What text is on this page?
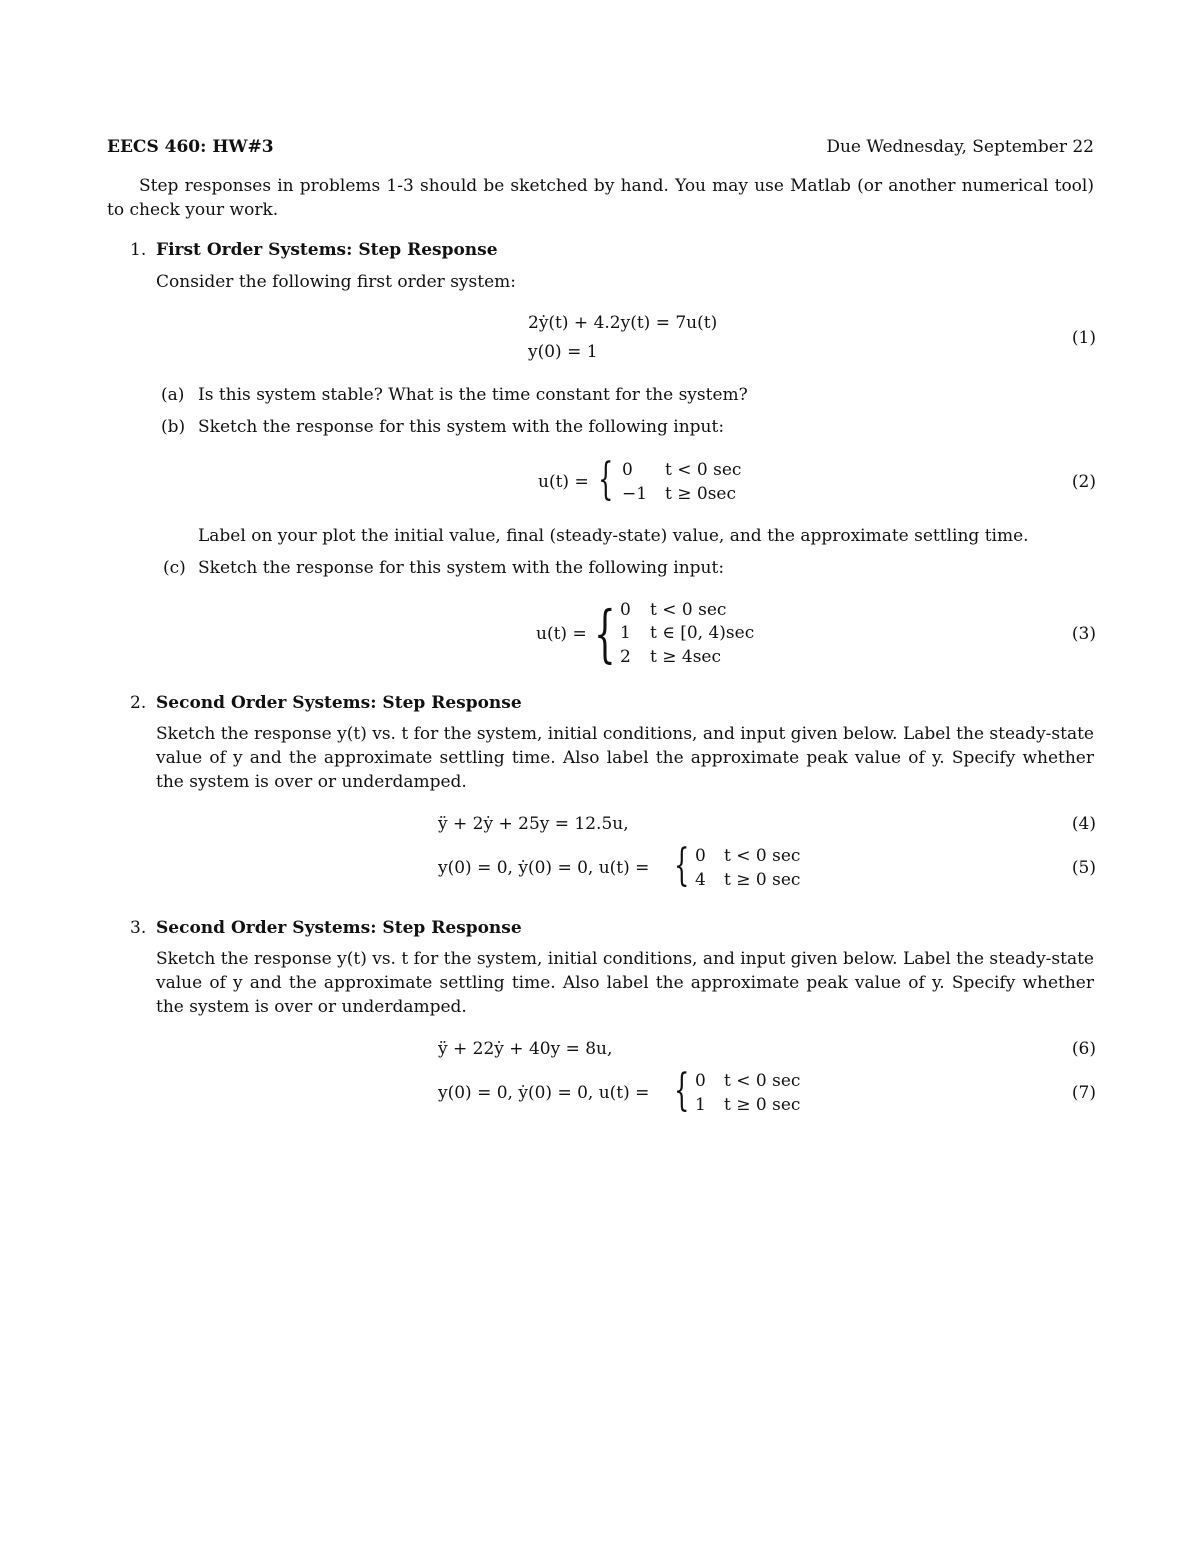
EECS 460: HW#3	Due Wednesday, September 22
Step responses in problems 1-3 should be sketched by hand. You may use Matlab (or another numerical tool) to check your work.
1. First Order Systems: Step Response
Consider the following first order system:
2ẏ(t) + 4.2y(t) = 7u(t)
y(0) = 1
(1)
(a) Is this system stable? What is the time constant for the system?
(b) Sketch the response for this system with the following input:
u(t) = { 0 t < 0 sec
−1 t ≥ 0sec
(2)
Label on your plot the initial value, final (steady-state) value, and the approximate settling time.
(c) Sketch the response for this system with the following input:
u(t) = { 0 t < 0 sec
1 t ∈ [0, 4)sec
2 t ≥ 4sec
(3)
2. Second Order Systems: Step Response
Sketch the response y(t) vs. t for the system, initial conditions, and input given below. Label the steady-state value of y and the approximate settling time. Also label the approximate peak value of y. Specify whether the system is over or underdamped.
ÿ + 2ẏ + 25y = 12.5u,	(4)
y(0) = 0, ẏ(0) = 0, u(t) = { 0 t < 0 sec
4 t ≥ 0 sec
(5)
3. Second Order Systems: Step Response
Sketch the response y(t) vs. t for the system, initial conditions, and input given below. Label the steady-state value of y and the approximate settling time. Also label the approximate peak value of y. Specify whether the system is over or underdamped.
ÿ + 22ẏ + 40y = 8u,	(6)
y(0) = 0, ẏ(0) = 0, u(t) = { 0 t < 0 sec
1 t ≥ 0 sec
(7)
